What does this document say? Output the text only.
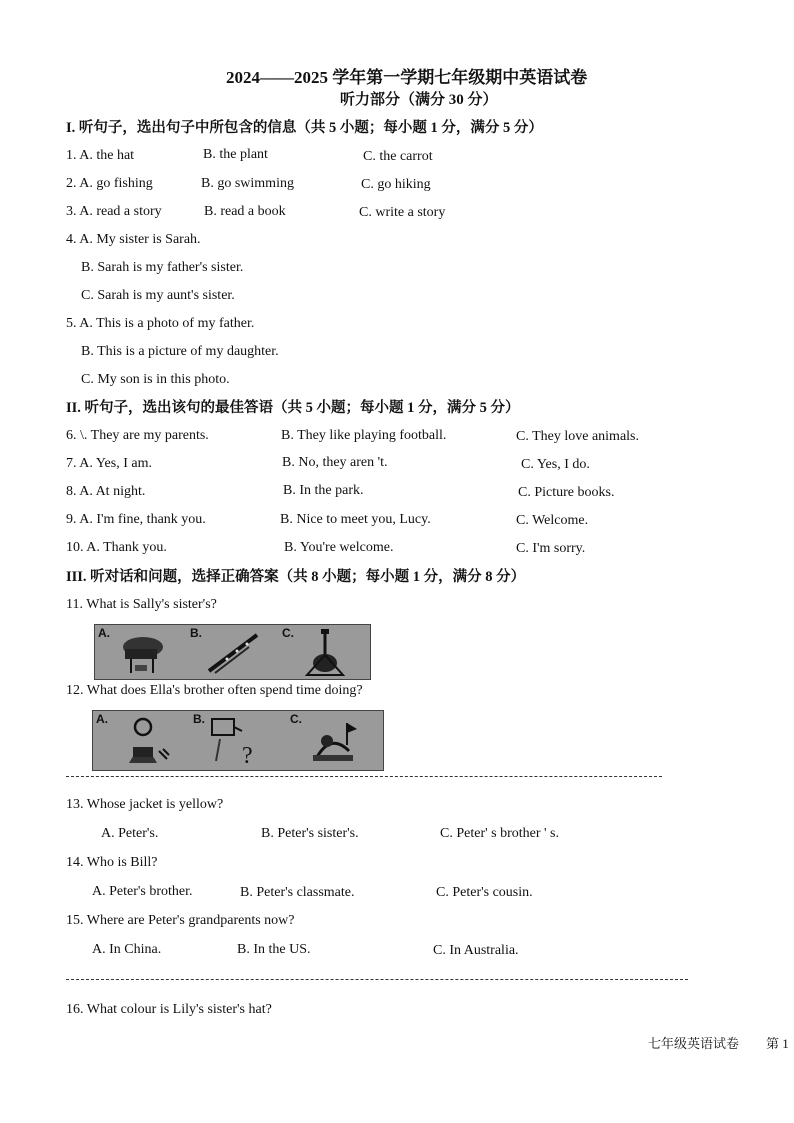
2024——2025 学年第一学期七年级期中英语试卷
听力部分（满分 30 分）
I. 听句子，选出句子中所包含的信息（共 5 小题；每小题 1 分，满分 5 分）
1. A. the hat	B. the plant	C. the carrot
2. A. go fishing	B. go swimming	C. go hiking
3. A. read a story	B. read a book	C. write a story
4. A. My sister is Sarah.
B. Sarah is my father's sister.
C. Sarah is my aunt's sister.
5. A. This is a photo of my father.
B. This is a picture of my daughter.
C. My son is in this photo.
II. 听句子，选出该句的最佳答语（共 5 小题；每小题 1 分，满分 5 分）
6. \. They are my parents.	B. They like playing football.	C. They love animals.
7. A. Yes, I am.	B. No, they aren 't.	C. Yes, I do.
8. A. At night.	B. In the park.	C. Picture books.
9. A. I'm fine, thank you.	B. Nice to meet you, Lucy.	C. Welcome.
10. A. Thank you.	B. You're welcome.	C. I'm sorry.
III. 听对话和问题，选择正确答案（共 8 小题；每小题 1 分，满分 8 分）
11. What is Sally's sister's?
A.	B.	C.
12. What does Ella's brother often spend time doing?
A.	B.
?
C.
13. Whose jacket is yellow?
A. Peter's.	B. Peter's sister's.	C. Peter' s brother ' s.
14. Who is Bill?
A. Peter's brother.	B. Peter's classmate.	C. Peter's cousin.
15. Where are Peter's grandparents now?
A. In China.	B. In the US.	C. In Australia.
16. What colour is Lily's sister's hat?
七年级英语试卷 第 1
